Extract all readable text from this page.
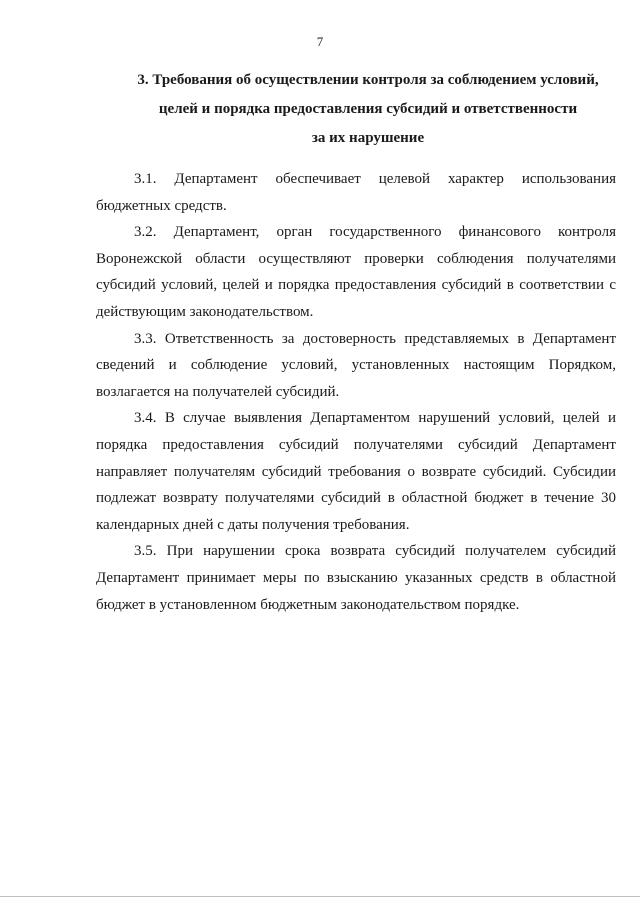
7
3. Требования об осуществлении контроля за соблюдением условий,
целей и порядка предоставления субсидий и ответственности
за их нарушение

3.1. Департамент обеспечивает целевой характер использования бюджетных средств.

3.2. Департамент, орган государственного финансового контроля Воронежской области осуществляют проверки соблюдения получателями субсидий условий, целей и порядка предоставления субсидий в соответствии с действующим законодательством.

3.3. Ответственность за достоверность представляемых в Департамент сведений и соблюдение условий, установленных настоящим Порядком, возлагается на получателей субсидий.

3.4. В случае выявления Департаментом нарушений условий, целей и порядка предоставления субсидий получателями субсидий Департамент направляет получателям субсидий требования о возврате субсидий. Субсидии подлежат возврату получателями субсидий в областной бюджет в течение 30 календарных дней с даты получения требования.

3.5. При нарушении срока возврата субсидий получателем субсидий Департамент принимает меры по взысканию указанных средств в областной бюджет в установленном бюджетным законодательством порядке.
